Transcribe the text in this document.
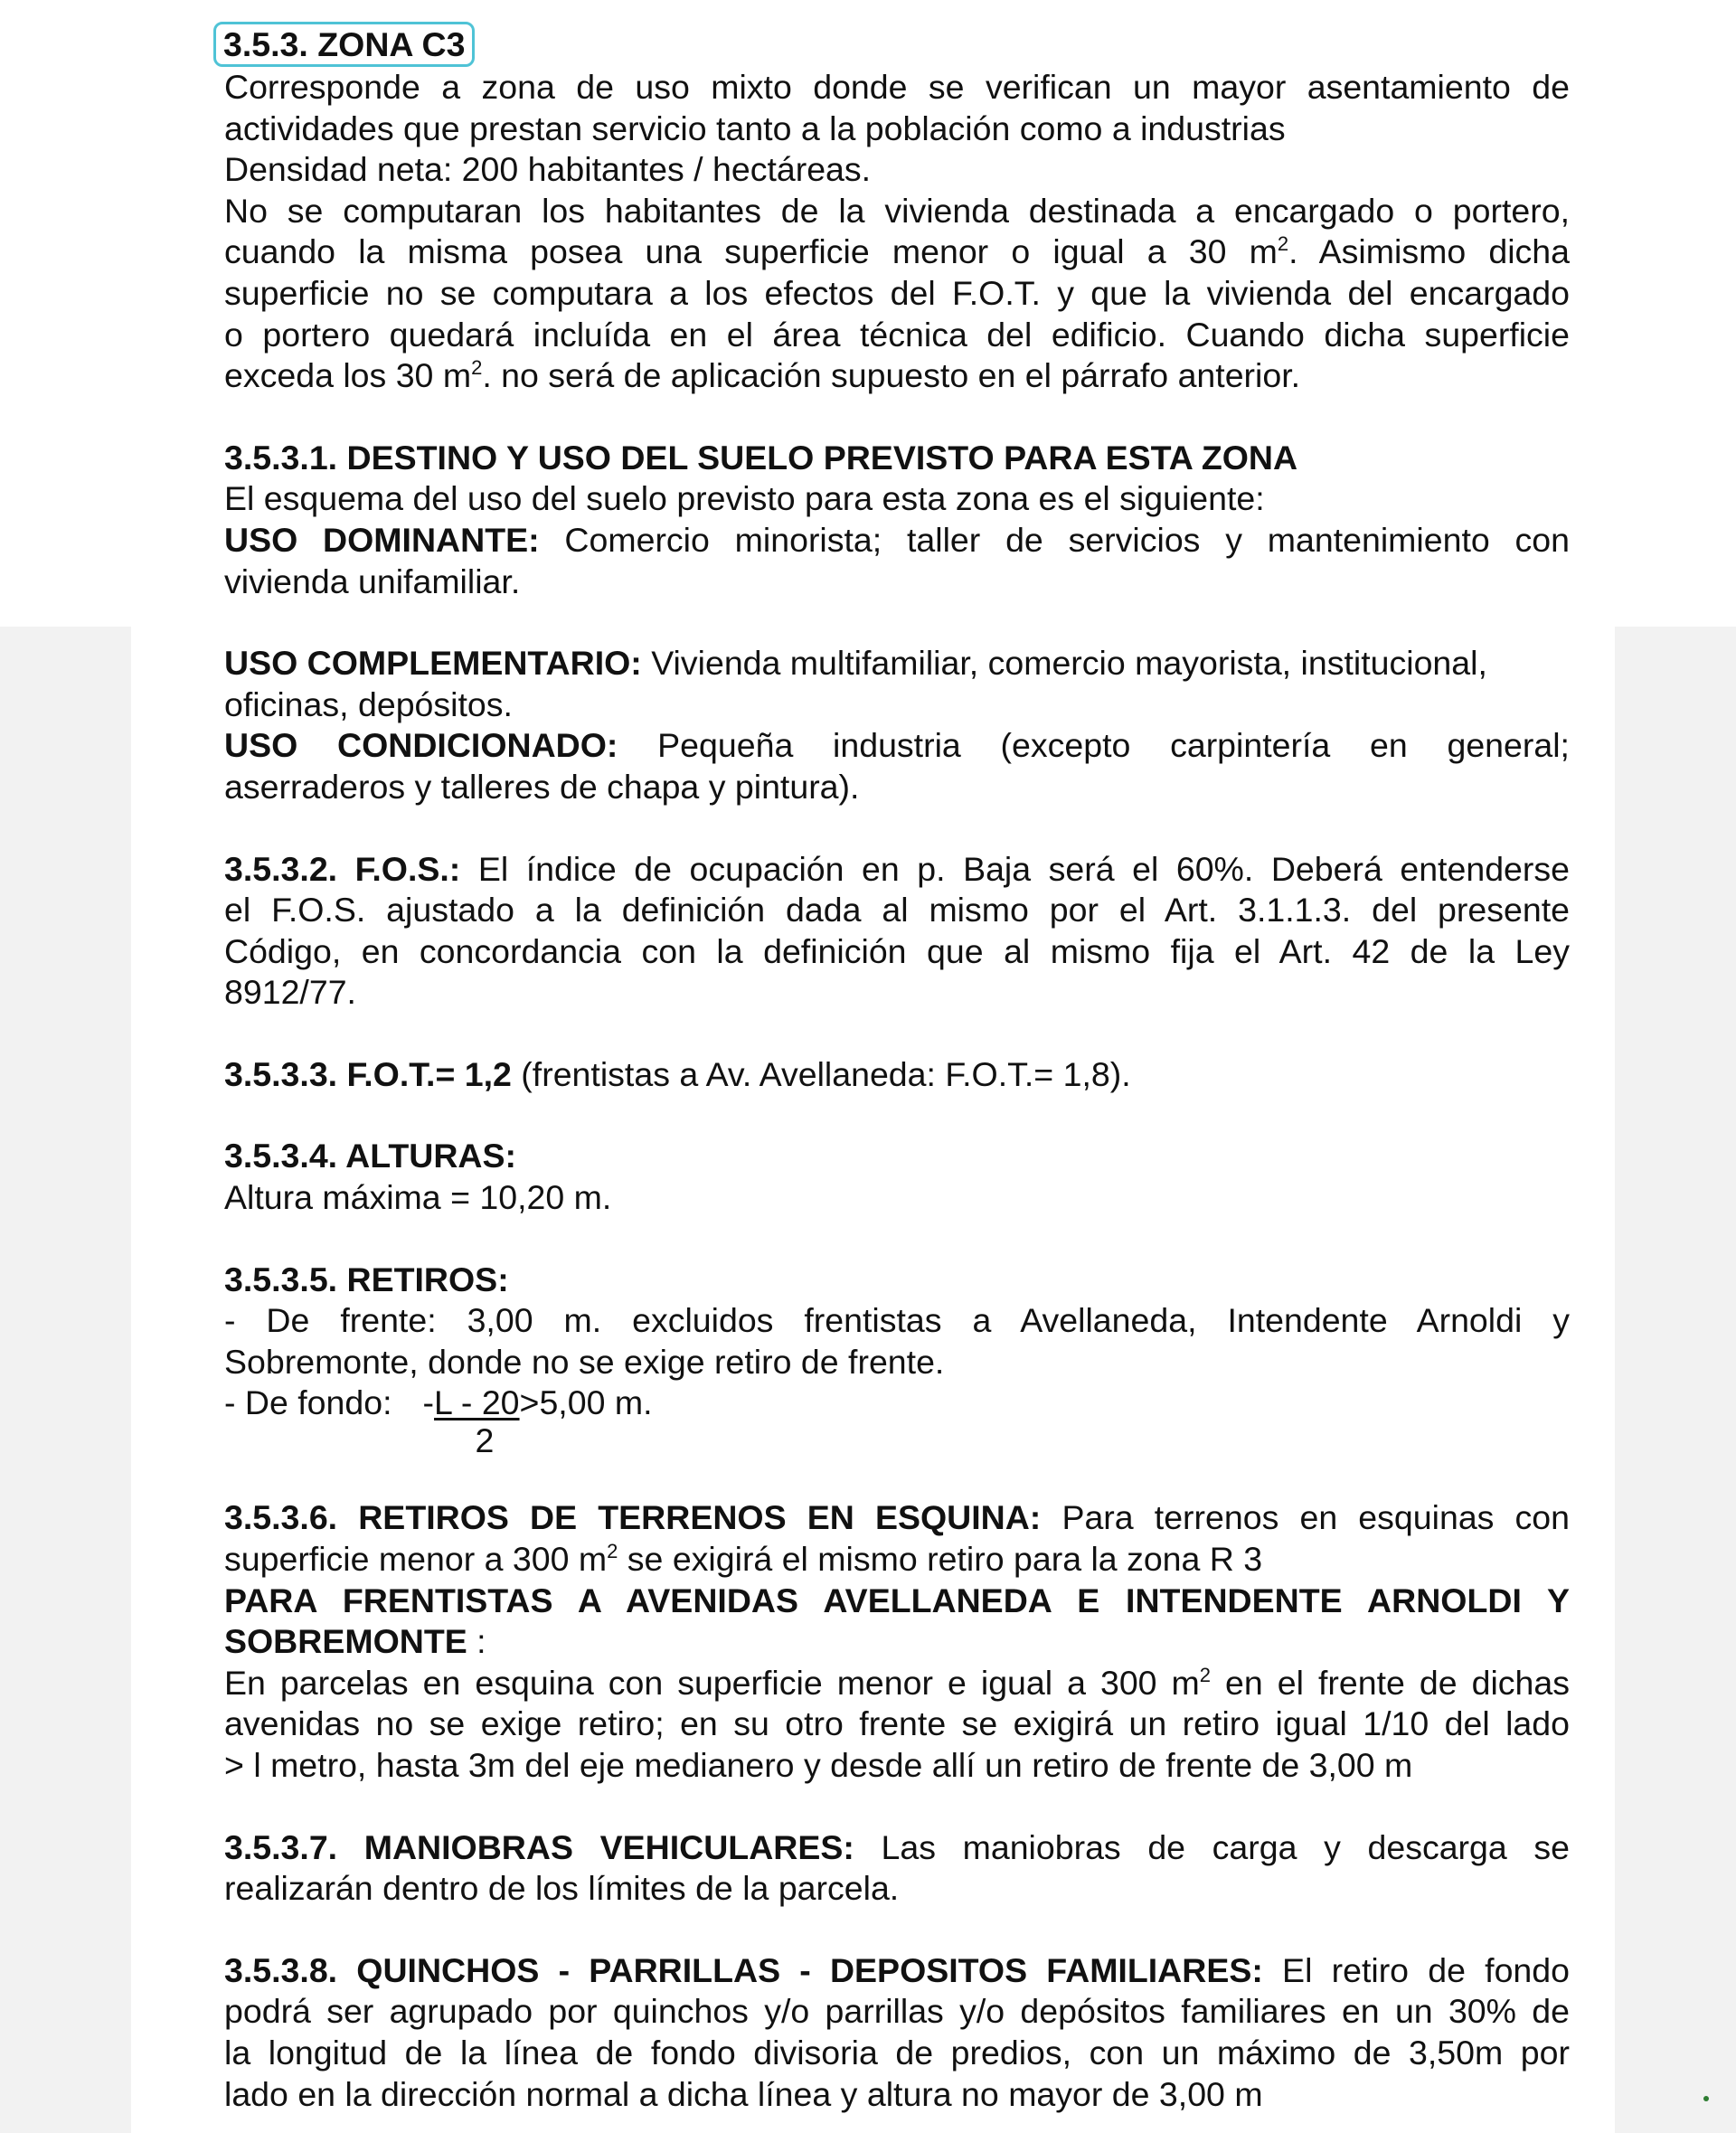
3.5.3. ZONA C3
Corresponde a zona de uso mixto donde se verifican un mayor asentamiento de
actividades que prestan servicio tanto a la población como a industrias
Densidad neta: 200 habitantes / hectáreas.
No se computaran los habitantes de la vivienda destinada a encargado o portero,
cuando la misma posea una superficie menor o igual a 30 $m^2$. Asimismo dicha
superficie no se computara a los efectos del F.O.T. y que la vivienda del encargado
o portero quedará incluída en el área técnica del edificio. Cuando dicha superficie
exceda los 30 $m^2$. no será de aplicación supuesto en el párrafo anterior.
3.5.3.1. DESTINO Y USO DEL SUELO PREVISTO PARA ESTA ZONA
El esquema del uso del suelo previsto para esta zona es el siguiente:
USO DOMINANTE: Comercio minorista; taller de servicios y mantenimiento con
vivienda unifamiliar.
USO COMPLEMENTARIO: Vivienda multifamiliar, comercio mayorista, institucional,
oficinas, depósitos.
USO CONDICIONADO: Pequeña industria (excepto carpintería en general;
aserraderos y talleres de chapa y pintura).
3.5.3.2. F.O.S.: El índice de ocupación en p. Baja será el 60%. Deberá entenderse
el F.O.S. ajustado a la definición dada al mismo por el Art. 3.1.1.3. del presente
Código, en concordancia con la definición que al mismo fija el Art. 42 de la Ley
8912/77.
3.5.3.3. F.O.T.= 1,2 (frentistas a Av. Avellaneda: F.O.T.= 1,8).
3.5.3.4. ALTURAS:
Altura máxima = 10,20 m.
3.5.3.5. RETIROS:
- De frente: 3,00 m. excluidos frentistas a Avellaneda, Intendente Arnoldi y
Sobremonte, donde no se exige retiro de frente.
- De fondo: -L - 20>5,00 m.
2
3.5.3.6. RETIROS DE TERRENOS EN ESQUINA: Para terrenos en esquinas con
superficie menor a 300 $m^2$ se exigirá el mismo retiro para la zona R 3
PARA FRENTISTAS A AVENIDAS AVELLANEDA E INTENDENTE ARNOLDI Y
SOBREMONTE :
En parcelas en esquina con superficie menor e igual a 300 $m^2$ en el frente de dichas
avenidas no se exige retiro; en su otro frente se exigirá un retiro igual 1/10 del lado
> l metro, hasta 3m del eje medianero y desde allí un retiro de frente de 3,00 m
3.5.3.7. MANIOBRAS VEHICULARES: Las maniobras de carga y descarga se
realizarán dentro de los límites de la parcela.
3.5.3.8. QUINCHOS - PARRILLAS - DEPOSITOS FAMILIARES: El retiro de fondo
podrá ser agrupado por quinchos y/o parrillas y/o depósitos familiares en un 30% de
la longitud de la línea de fondo divisoria de predios, con un máximo de 3,50m por
lado en la dirección normal a dicha línea y altura no mayor de 3,00 m
